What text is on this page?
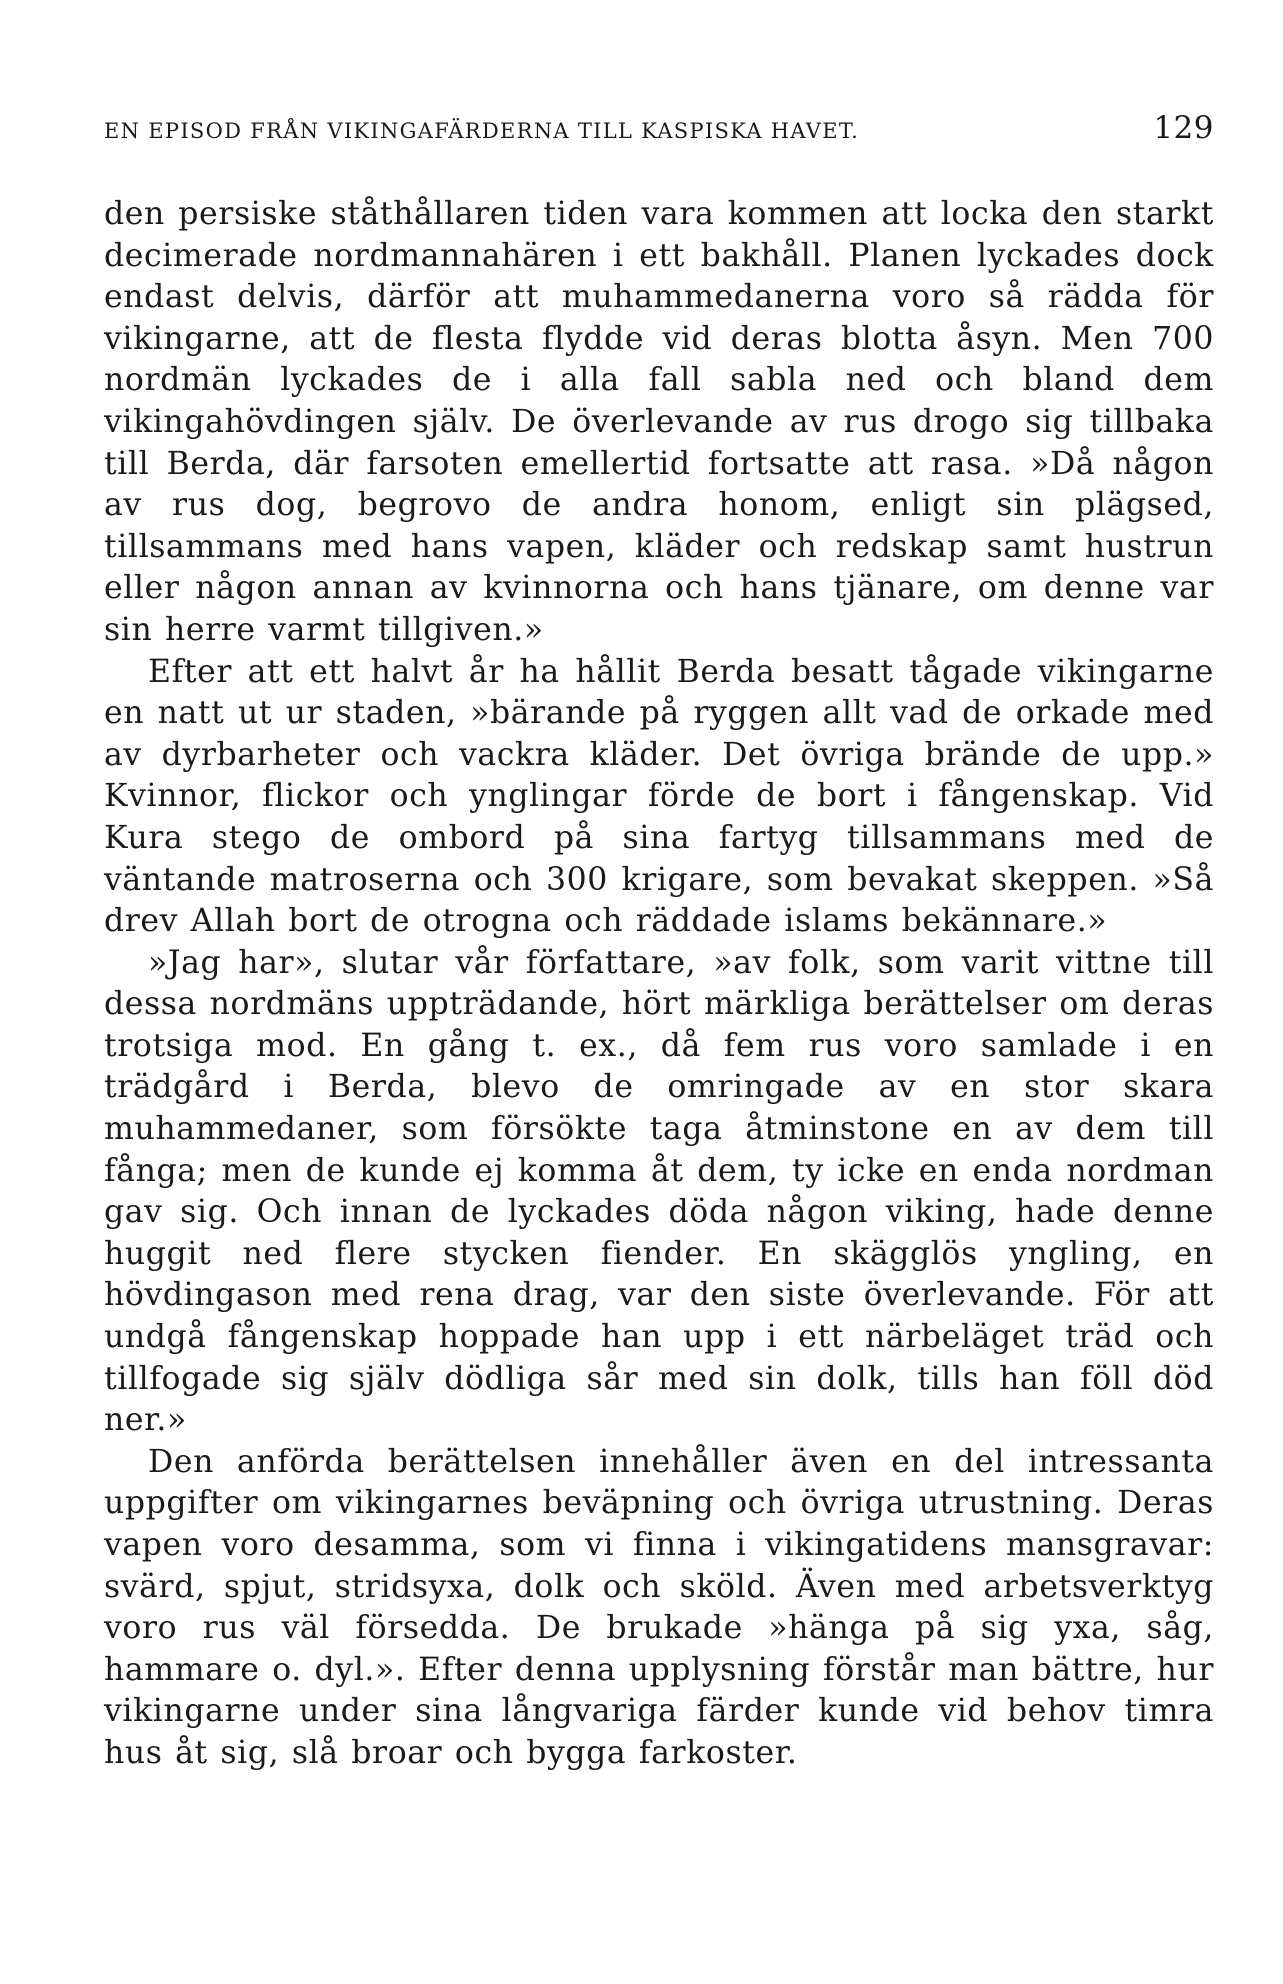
EN EPISOD FRÅN VIKINGAFÄRDERNA TILL KASPISKA HAVET.	129

den persiske ståthållaren tiden vara kommen att locka den starkt decimerade nordmannahären i ett bakhåll. Planen lyckades dock endast delvis, därför att muhammedanerna voro så rädda för vikingarne, att de flesta flydde vid deras blotta åsyn. Men 700 nordmän lyckades de i alla fall sabla ned och bland dem vikingahövdingen själv. De överlevande av rus drogo sig tillbaka till Berda, där farsoten emellertid fortsatte att rasa. »Då någon av rus dog, begrovo de andra honom, enligt sin plägsed, tillsammans med hans vapen, kläder och redskap samt hustrun eller någon annan av kvinnorna och hans tjänare, om denne var sin herre varmt tillgiven.»

Efter att ett halvt år ha hållit Berda besatt tågade vikingarne en natt ut ur staden, »bärande på ryggen allt vad de orkade med av dyrbarheter och vackra kläder. Det övriga brände de upp.» Kvinnor, flickor och ynglingar förde de bort i fångenskap. Vid Kura stego de ombord på sina fartyg tillsammans med de väntande matroserna och 300 krigare, som bevakat skeppen. »Så drev Allah bort de otrogna och räddade islams bekännare.»

»Jag har», slutar vår författare, »av folk, som varit vittne till dessa nordmäns uppträdande, hört märkliga berättelser om deras trotsiga mod. En gång t. ex., då fem rus voro samlade i en trädgård i Berda, blevo de omringade av en stor skara muhammedaner, som försökte taga åtminstone en av dem till fånga; men de kunde ej komma åt dem, ty icke en enda nordman gav sig. Och innan de lyckades döda någon viking, hade denne huggit ned flere stycken fiender. En skägglös yngling, en hövdingason med rena drag, var den siste överlevande. För att undgå fångenskap hoppade han upp i ett närbeläget träd och tillfogade sig själv dödliga sår med sin dolk, tills han föll död ner.»

Den anförda berättelsen innehåller även en del intressanta uppgifter om vikingarnes beväpning och övriga utrustning. Deras vapen voro desamma, som vi finna i vikingatidens mansgravar: svärd, spjut, stridsyxa, dolk och sköld. Även med arbetsverktyg voro rus väl försedda. De brukade »hänga på sig yxa, såg, hammare o. dyl.». Efter denna upplysning förstår man bättre, hur vikingarne under sina långvariga färder kunde vid behov timra hus åt sig, slå broar och bygga farkoster.
